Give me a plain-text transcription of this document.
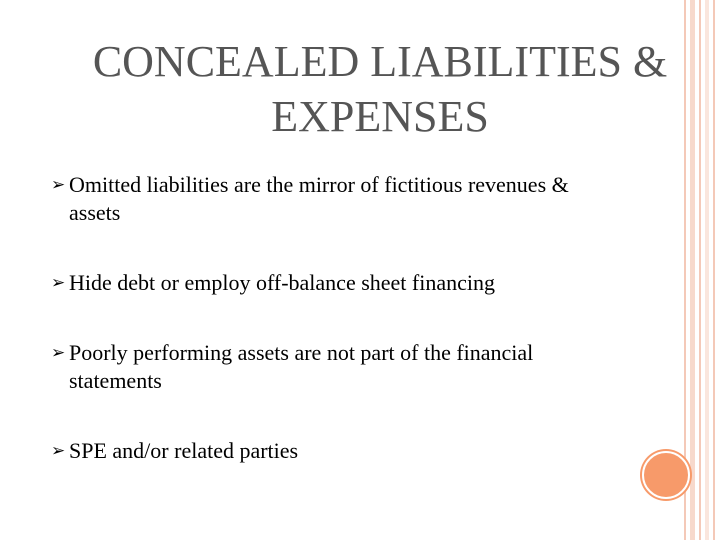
CONCEALED LIABILITIES &
EXPENSES
➢ Omitted liabilities are the mirror of fictitious revenues &
assets
➢ Hide debt or employ off-balance sheet financing
➢ Poorly performing assets are not part of the financial
statements
➢ SPE and/or related parties
